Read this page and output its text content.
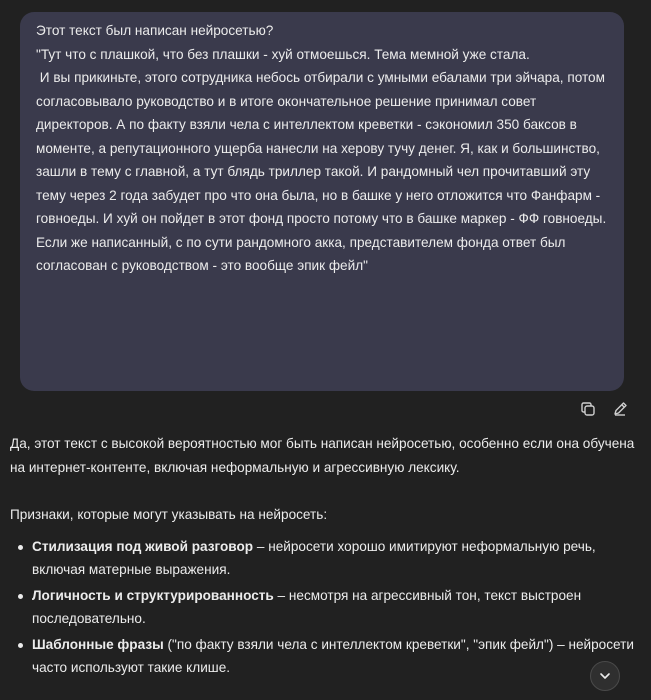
Этот текст был написан нейросетью?

"Тут что с плашкой, что без плашки - хуй отмоешься. Тема мемной уже стала.

И вы прикиньте, этого сотрудника небось отбирали с умными ебалами три эйчара, потом согласовывало руководство и в итоге окончательное решение принимал совет директоров. А по факту взяли чела с интеллектом креветки - сэкономил 350 баксов в моменте, а репутационного ущерба нанесли на херову тучу денег. Я, как и большинство, зашли в тему с главной, а тут блядь триллер такой. И рандомный чел прочитавший эту тему через 2 года забудет про что она была, но в башке у него отложится что Фанфарм - говноеды. И хуй он пойдет в этот фонд просто потому что в башке маркер - ФФ говноеды.

Если же написанный, с по сути рандомного акка, представителем фонда ответ был согласован с руководством - это вообще эпик фейл"

Да, этот текст с высокой вероятностью мог быть написан нейросетью, особенно если она обучена на интернет-контенте, включая неформальную и агрессивную лексику.

Признаки, которые могут указывать на нейросеть:

Стилизация под живой разговор – нейросети хорошо имитируют неформальную речь, включая матерные выражения.
Логичность и структурированность – несмотря на агрессивный тон, текст выстроен последовательно.
Шаблонные фразы ("по факту взяли чела с интеллектом креветки", "эпик фейл") – нейросети часто используют такие клише.
